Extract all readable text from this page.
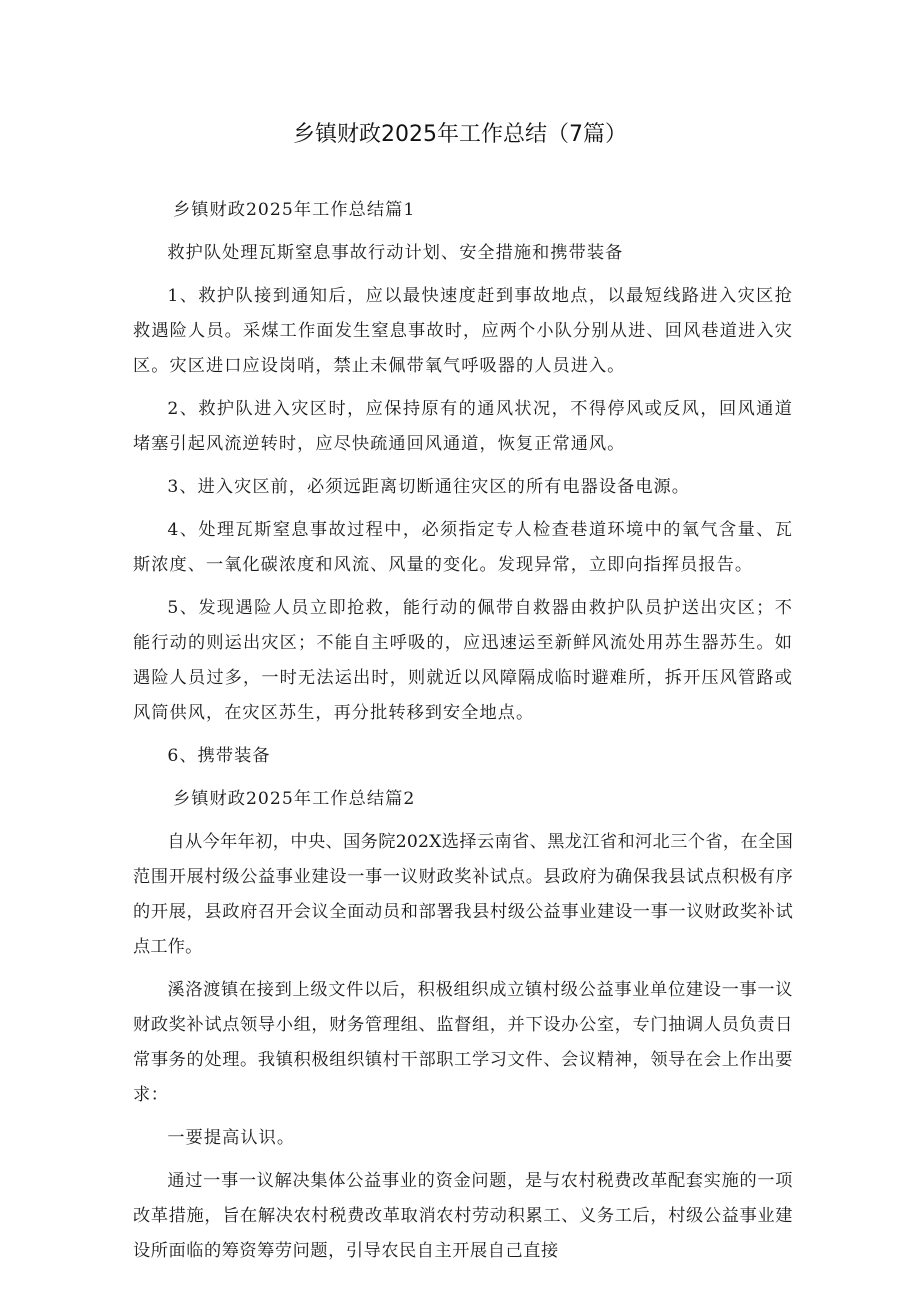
乡镇财政2025年工作总结（7篇）

乡镇财政2025年工作总结篇1

救护队处理瓦斯窒息事故行动计划、安全措施和携带装备

1、救护队接到通知后，应以最快速度赶到事故地点，以最短线路进入灾区抢救遇险人员。采煤工作面发生窒息事故时，应两个小队分别从进、回风巷道进入灾区。灾区进口应设岗哨，禁止未佩带氧气呼吸器的人员进入。

2、救护队进入灾区时，应保持原有的通风状况，不得停风或反风，回风通道堵塞引起风流逆转时，应尽快疏通回风通道，恢复正常通风。

3、进入灾区前，必须远距离切断通往灾区的所有电器设备电源。

4、处理瓦斯窒息事故过程中，必须指定专人检查巷道环境中的氧气含量、瓦斯浓度、一氧化碳浓度和风流、风量的变化。发现异常，立即向指挥员报告。

5、发现遇险人员立即抢救，能行动的佩带自救器由救护队员护送出灾区；不能行动的则运出灾区；不能自主呼吸的，应迅速运至新鲜风流处用苏生器苏生。如遇险人员过多，一时无法运出时，则就近以风障隔成临时避难所，拆开压风管路或风筒供风，在灾区苏生，再分批转移到安全地点。

6、携带装备

乡镇财政2025年工作总结篇2

自从今年年初，中央、国务院202X选择云南省、黑龙江省和河北三个省，在全国范围开展村级公益事业建设一事一议财政奖补试点。县政府为确保我县试点积极有序的开展，县政府召开会议全面动员和部署我县村级公益事业建设一事一议财政奖补试点工作。

溪洛渡镇在接到上级文件以后，积极组织成立镇村级公益事业单位建设一事一议财政奖补试点领导小组，财务管理组、监督组，并下设办公室，专门抽调人员负责日常事务的处理。我镇积极组织镇村干部职工学习文件、会议精神，领导在会上作出要求：

一要提高认识。

通过一事一议解决集体公益事业的资金问题，是与农村税费改革配套实施的一项改革措施，旨在解决农村税费改革取消农村劳动积累工、义务工后，村级公益事业建设所面临的筹资筹劳问题，引导农民自主开展自己直接
